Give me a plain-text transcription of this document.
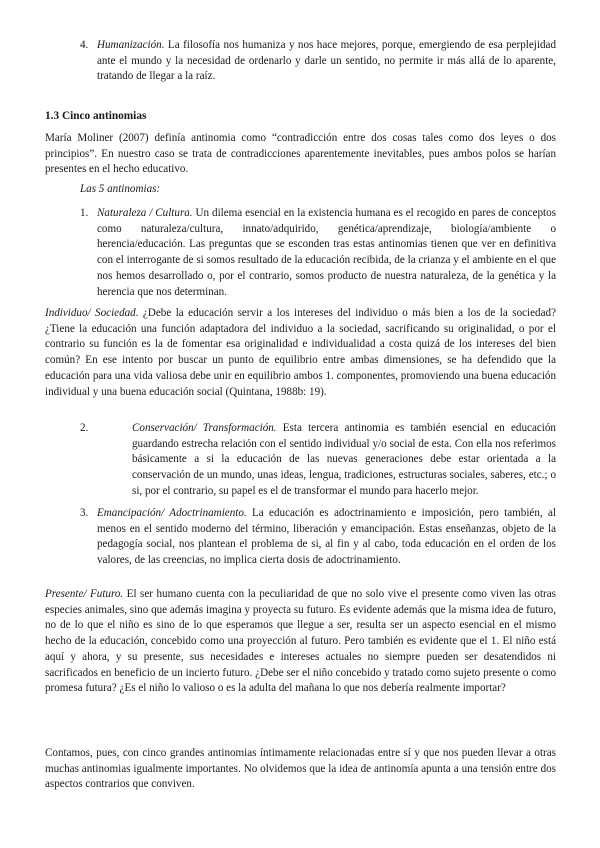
4. Humanización. La filosofía nos humaniza y nos hace mejores, porque, emergiendo de esa perplejidad ante el mundo y la necesidad de ordenarlo y darle un sentido, no permite ir más allá de lo aparente, tratando de llegar a la raíz.
1.3 Cinco antinomias
María Moliner (2007) definía antinomia como “contradicción entre dos cosas tales como dos leyes o dos principios”. En nuestro caso se trata de contradicciones aparentemente inevitables, pues ambos polos se harían presentes en el hecho educativo.
Las 5 antinomias:
1. Naturaleza / Cultura. Un dilema esencial en la existencia humana es el recogido en pares de conceptos como naturaleza/cultura, innato/adquirido, genética/aprendizaje, biología/ambiente o herencia/educación. Las preguntas que se esconden tras estas antinomias tienen que ver en definitiva con el interrogante de si somos resultado de la educación recibida, de la crianza y el ambiente en el que nos hemos desarrollado o, por el contrario, somos producto de nuestra naturaleza, de la genética y la herencia que nos determinan.
Individuo/ Sociedad. ¿Debe la educación servir a los intereses del individuo o más bien a los de la sociedad? ¿Tiene la educación una función adaptadora del individuo a la sociedad, sacrificando su originalidad, o por el contrario su función es la de fomentar esa originalidad e individualidad a costa quizá de los intereses del bien común? En ese intento por buscar un punto de equilibrio entre ambas dimensiones, se ha defendido que la educación para una vida valiosa debe unir en equilibrio ambos 1. componentes, promoviendo una buena educación individual y una buena educación social (Quintana, 1988b: 19).
2.	Conservación/ Transformación. Esta tercera antinomia es también esencial en educación guardando estrecha relación con el sentido individual y/o social de esta. Con ella nos referimos básicamente a si la educación de las nuevas generaciones debe estar orientada a la conservación de un mundo, unas ideas, lengua, tradiciones, estructuras sociales, saberes, etc.; o si, por el contrario, su papel es el de transformar el mundo para hacerlo mejor.
3. Emancipación/ Adoctrinamiento. La educación es adoctrinamiento e imposición, pero también, al menos en el sentido moderno del término, liberación y emancipación. Estas enseñanzas, objeto de la pedagogía social, nos plantean el problema de si, al fin y al cabo, toda educación en el orden de los valores, de las creencias, no implica cierta dosis de adoctrinamiento.
Presente/ Futuro. El ser humano cuenta con la peculiaridad de que no solo vive el presente como viven las otras especies animales, sino que además imagina y proyecta su futuro. Es evidente además que la misma idea de futuro, no de lo que el niño es sino de lo que esperamos que llegue a ser, resulta ser un aspecto esencial en el mismo hecho de la educación, concebido como una proyección al futuro. Pero también es evidente que el 1. El niño está aquí y ahora, y su presente, sus necesidades e intereses actuales no siempre pueden ser desatendidos ni sacrificados en beneficio de un incierto futuro. ¿Debe ser el niño concebido y tratado como sujeto presente o como promesa futura? ¿Es el niño lo valioso o es la adulta del mañana lo que nos debería realmente importar?
Contamos, pues, con cinco grandes antinomias íntimamente relacionadas entre sí y que nos pueden llevar a otras muchas antinomias igualmente importantes. No olvidemos que la idea de antinomía apunta a una tensión entre dos aspectos contrarios que conviven.
